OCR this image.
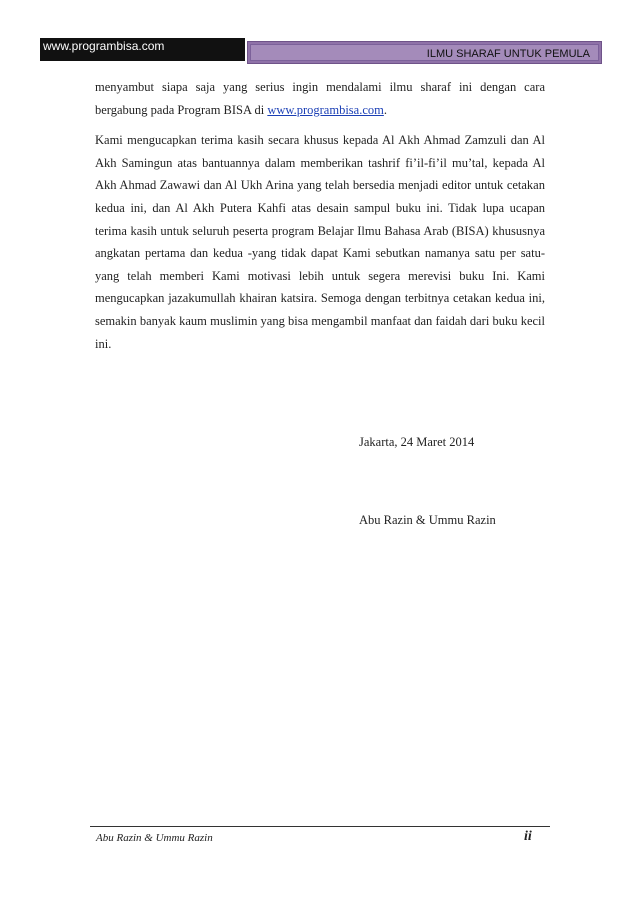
www.programbisa.com
ILMU SHARAF UNTUK PEMULA

menyambut siapa saja yang serius ingin mendalami ilmu sharaf ini dengan cara bergabung pada Program BISA di www.programbisa.com.

Kami mengucapkan terima kasih secara khusus kepada Al Akh Ahmad Zamzuli dan Al Akh Samingun atas bantuannya dalam memberikan tashrif fi’il-fi’il mu’tal, kepada Al Akh Ahmad Zawawi dan Al Ukh Arina yang telah bersedia menjadi editor untuk cetakan kedua ini, dan Al Akh Putera Kahfi atas desain sampul buku ini. Tidak lupa ucapan terima kasih untuk seluruh peserta program Belajar Ilmu Bahasa Arab (BISA) khususnya angkatan pertama dan kedua -yang tidak dapat Kami sebutkan namanya satu per satu-yang telah memberi Kami motivasi lebih untuk segera merevisi buku Ini. Kami mengucapkan jazakumullah khairan katsira. Semoga dengan terbitnya cetakan kedua ini, semakin banyak kaum muslimin yang bisa mengambil manfaat dan faidah dari buku kecil ini.

Jakarta, 24 Maret 2014
Abu Razin & Ummu Razin
Abu Razin & Ummu Razin	ii
